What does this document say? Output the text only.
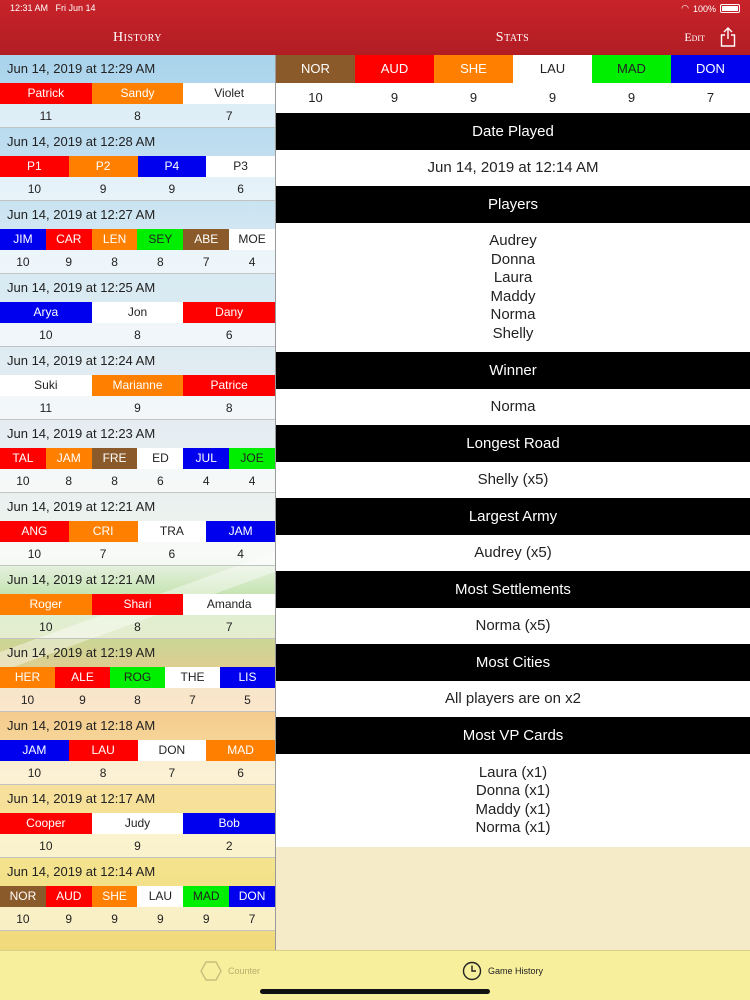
12:31 AM Fri Jun 14	◠ 100%
History	Stats	Edit
Jun 14, 2019 at 12:29 AM
Patrick	Sandy	Violet
11	8	7
Jun 14, 2019 at 12:28 AM
P1	P2	P4	P3
10	9	9	6
Jun 14, 2019 at 12:27 AM
JIM	CAR	LEN	SEY	ABE	MOE
10	9	8	8	7	4
Jun 14, 2019 at 12:25 AM
Arya	Jon	Dany
10	8	6
Jun 14, 2019 at 12:24 AM
Suki	Marianne	Patrice
11	9	8
Jun 14, 2019 at 12:23 AM
TAL	JAM	FRE	ED	JUL	JOE
10	8	8	6	4	4
Jun 14, 2019 at 12:21 AM
ANG	CRI	TRA	JAM
10	7	6	4
Jun 14, 2019 at 12:21 AM
Roger	Shari	Amanda
10	8	7
Jun 14, 2019 at 12:19 AM
HER	ALE	ROG	THE	LIS
10	9	8	7	5
Jun 14, 2019 at 12:18 AM
JAM	LAU	DON	MAD
10	8	7	6
Jun 14, 2019 at 12:17 AM
Cooper	Judy	Bob
10	9	2
Jun 14, 2019 at 12:14 AM
NOR	AUD	SHE	LAU	MAD	DON
10	9	9	9	9	7
NOR	AUD	SHE	LAU	MAD	DON
10	9	9	9	9	7
Date Played
Jun 14, 2019 at 12:14 AM
Players
Audrey
Donna
Laura
Maddy
Norma
Shelly
Winner
Norma
Longest Road
Shelly (x5)
Largest Army
Audrey (x5)
Most Settlements
Norma (x5)
Most Cities
All players are on x2
Most VP Cards
Laura (x1)
Donna (x1)
Maddy (x1)
Norma (x1)
Counter	Game History
